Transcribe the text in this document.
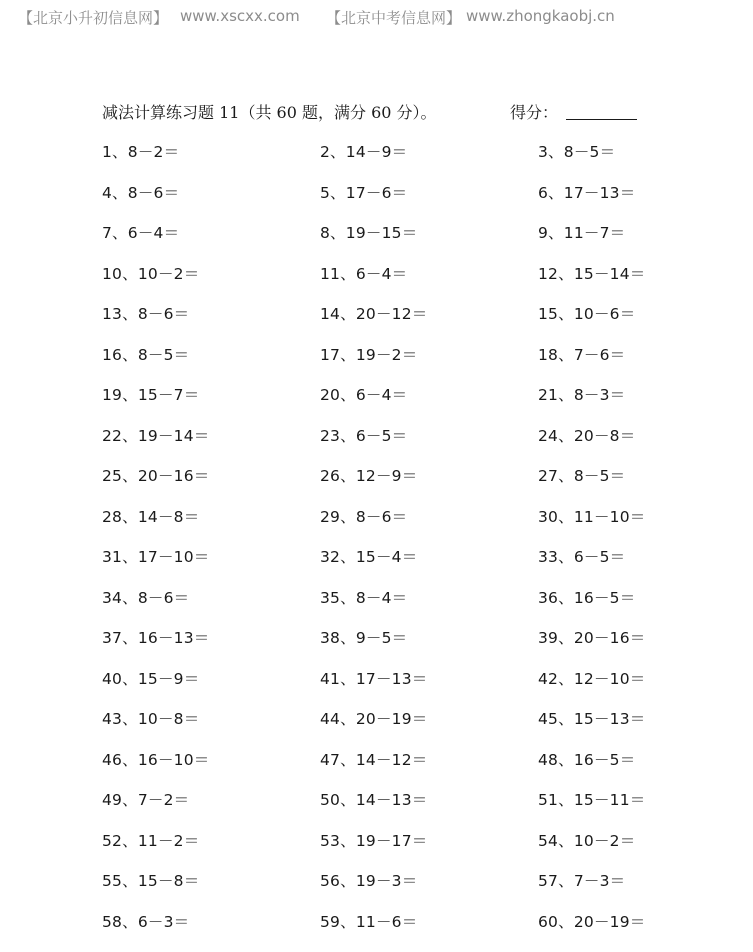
【北京小升初信息网】 www.xscxx.com 【北京中考信息网】 www.zhongkaobj.cn
减法计算练习题 11（共 60 题，满分 60 分）。	得分：
1、8－2＝	2、14－9＝	3、8－5＝
4、8－6＝	5、17－6＝	6、17－13＝
7、6－4＝	8、19－15＝	9、11－7＝
10、10－2＝	11、6－4＝	12、15－14＝
13、8－6＝	14、20－12＝	15、10－6＝
16、8－5＝	17、19－2＝	18、7－6＝
19、15－7＝	20、6－4＝	21、8－3＝
22、19－14＝	23、6－5＝	24、20－8＝
25、20－16＝	26、12－9＝	27、8－5＝
28、14－8＝	29、8－6＝	30、11－10＝
31、17－10＝	32、15－4＝	33、6－5＝
34、8－6＝	35、8－4＝	36、16－5＝
37、16－13＝	38、9－5＝	39、20－16＝
40、15－9＝	41、17－13＝	42、12－10＝
43、10－8＝	44、20－19＝	45、15－13＝
46、16－10＝	47、14－12＝	48、16－5＝
49、7－2＝	50、14－13＝	51、15－11＝
52、11－2＝	53、19－17＝	54、10－2＝
55、15－8＝	56、19－3＝	57、7－3＝
58、6－3＝	59、11－6＝	60、20－19＝
